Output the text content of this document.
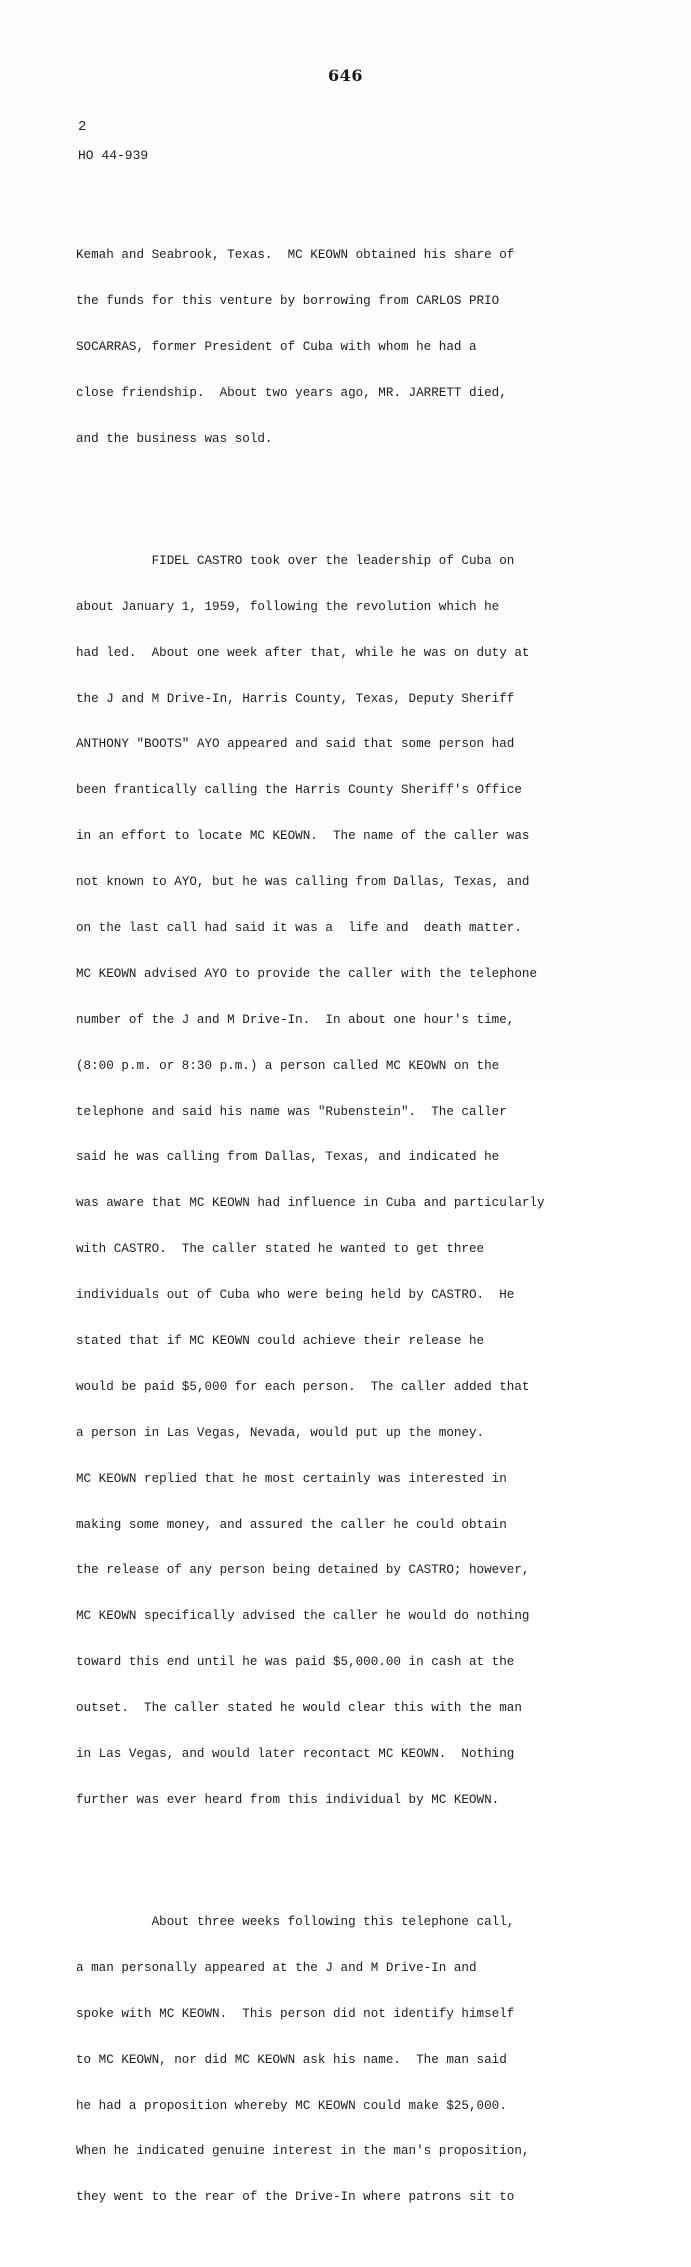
646
2
HO 44-939

Kemah and Seabrook, Texas.  MC KEOWN obtained his share of

the funds for this venture by borrowing from CARLOS PRIO

SOCARRAS, former President of Cuba with whom he had a

close friendship.  About two years ago, MR. JARRETT died,

and the business was sold.

FIDEL CASTRO took over the leadership of Cuba on

about January 1, 1959, following the revolution which he

had led.  About one week after that, while he was on duty at

the J and M Drive-In, Harris County, Texas, Deputy Sheriff

ANTHONY "BOOTS" AYO appeared and said that some person had

been frantically calling the Harris County Sheriff's Office

in an effort to locate MC KEOWN.  The name of the caller was

not known to AYO, but he was calling from Dallas, Texas, and

on the last call had said it was a  life and  death matter.

MC KEOWN advised AYO to provide the caller with the telephone

number of the J and M Drive-In.  In about one hour's time,

(8:00 p.m. or 8:30 p.m.) a person called MC KEOWN on the

telephone and said his name was "Rubenstein".  The caller

said he was calling from Dallas, Texas, and indicated he

was aware that MC KEOWN had influence in Cuba and particularly

with CASTRO.  The caller stated he wanted to get three

individuals out of Cuba who were being held by CASTRO.  He

stated that if MC KEOWN could achieve their release he

would be paid $5,000 for each person.  The caller added that

a person in Las Vegas, Nevada, would put up the money.

MC KEOWN replied that he most certainly was interested in

making some money, and assured the caller he could obtain

the release of any person being detained by CASTRO; however,

MC KEOWN specifically advised the caller he would do nothing

toward this end until he was paid $5,000.00 in cash at the

outset.  The caller stated he would clear this with the man

in Las Vegas, and would later recontact MC KEOWN.  Nothing

further was ever heard from this individual by MC KEOWN.

About three weeks following this telephone call,

a man personally appeared at the J and M Drive-In and

spoke with MC KEOWN.  This person did not identify himself

to MC KEOWN, nor did MC KEOWN ask his name.  The man said

he had a proposition whereby MC KEOWN could make $25,000.

When he indicated genuine interest in the man's proposition,

they went to the rear of the Drive-In where patrons sit to
